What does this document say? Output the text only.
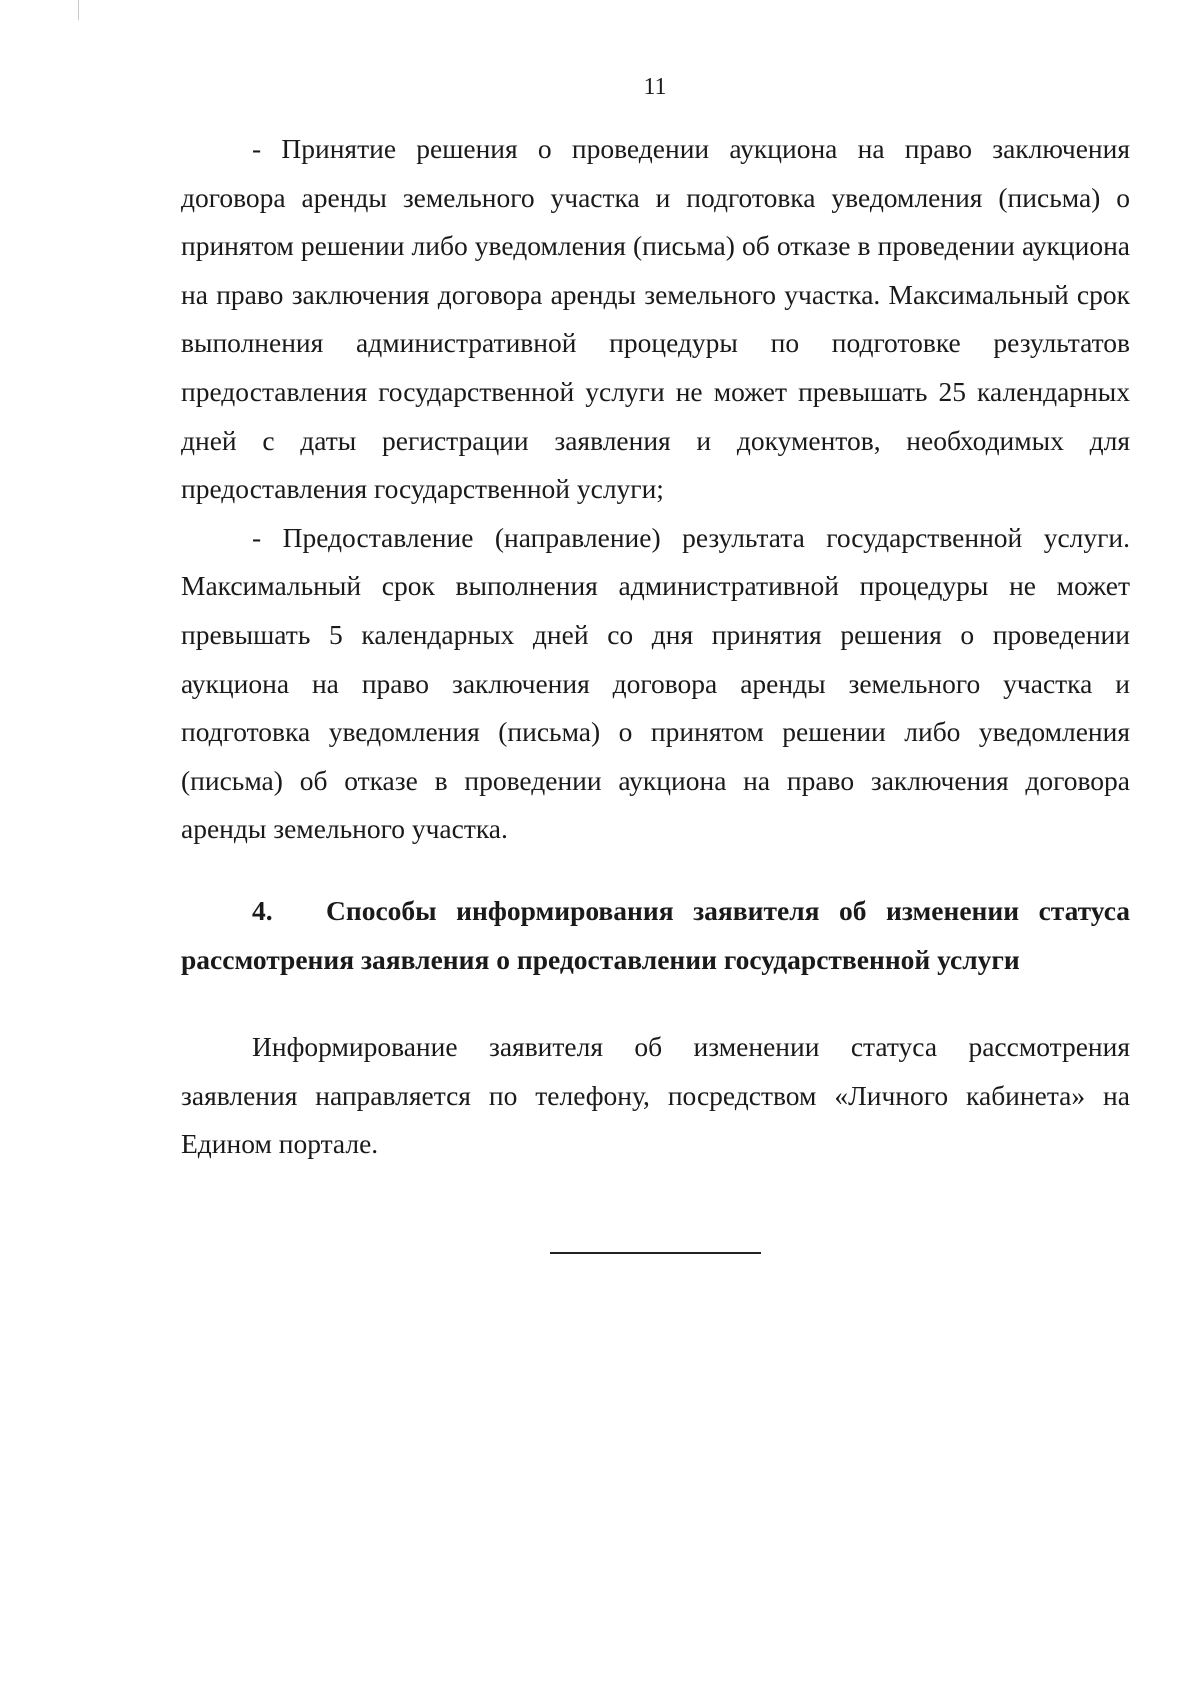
11

- Принятие решения о проведении аукциона на право заключения договора аренды земельного участка и подготовка уведомления (письма) о принятом решении либо уведомления (письма) об отказе в проведении аукциона на право заключения договора аренды земельного участка. Максимальный срок выполнения административной процедуры по подготовке результатов предоставления государственной услуги не может превышать 25 календарных дней с даты регистрации заявления и документов, необходимых для предоставления государственной услуги;

- Предоставление (направление) результата государственной услуги. Максимальный срок выполнения административной процедуры не может превышать 5 календарных дней со дня принятия решения о проведении аукциона на право заключения договора аренды земельного участка и подготовка уведомления (письма) о принятом решении либо уведомления (письма) об отказе в проведении аукциона на право заключения договора аренды земельного участка.

4. Способы информирования заявителя об изменении статуса рассмотрения заявления о предоставлении государственной услуги

Информирование заявителя об изменении статуса рассмотрения заявления направляется по телефону, посредством «Личного кабинета» на Едином портале.
